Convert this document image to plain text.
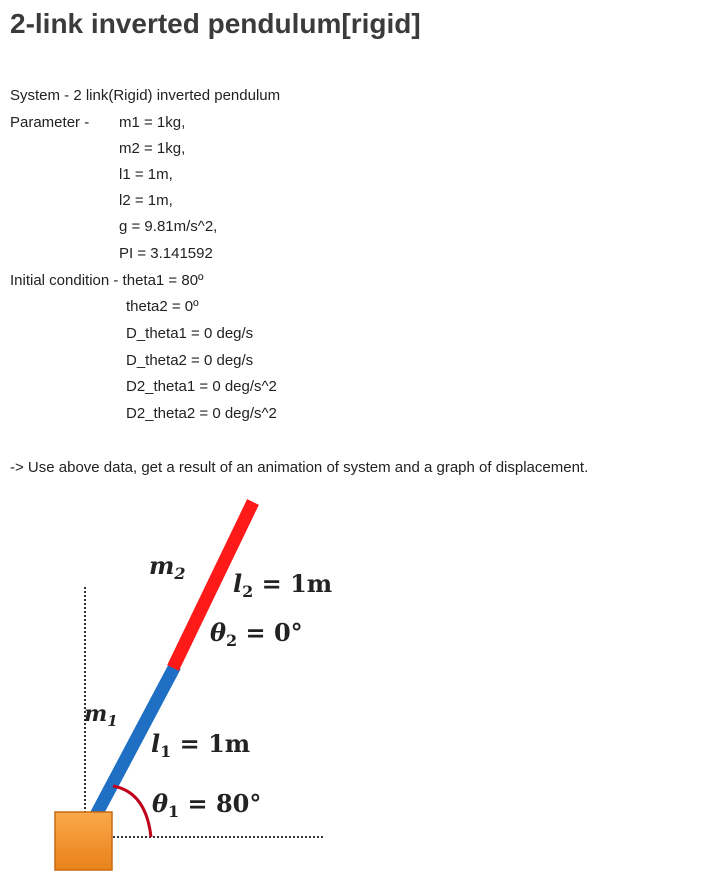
2-link inverted pendulum[rigid]
System - 2 link(Rigid) inverted pendulum
Parameter - m1 = 1kg,
m2 = 1kg,
l1 = 1m,
l2 = 1m,
g = 9.81m/s^2,
PI = 3.141592
Initial condition - theta1 = 80º
theta2 = 0º
D_theta1 = 0 deg/s
D_theta2 = 0 deg/s
D2_theta1 = 0 deg/s^2
D2_theta2 = 0 deg/s^2
-> Use above data, get a result of an animation of system and a graph of displacement.
$m_2$ $l_2 = 1m$
$\theta_2 = 0^\circ$
$m_1$
$l_1 = 1m$
$\theta_1 = 80^\circ$
